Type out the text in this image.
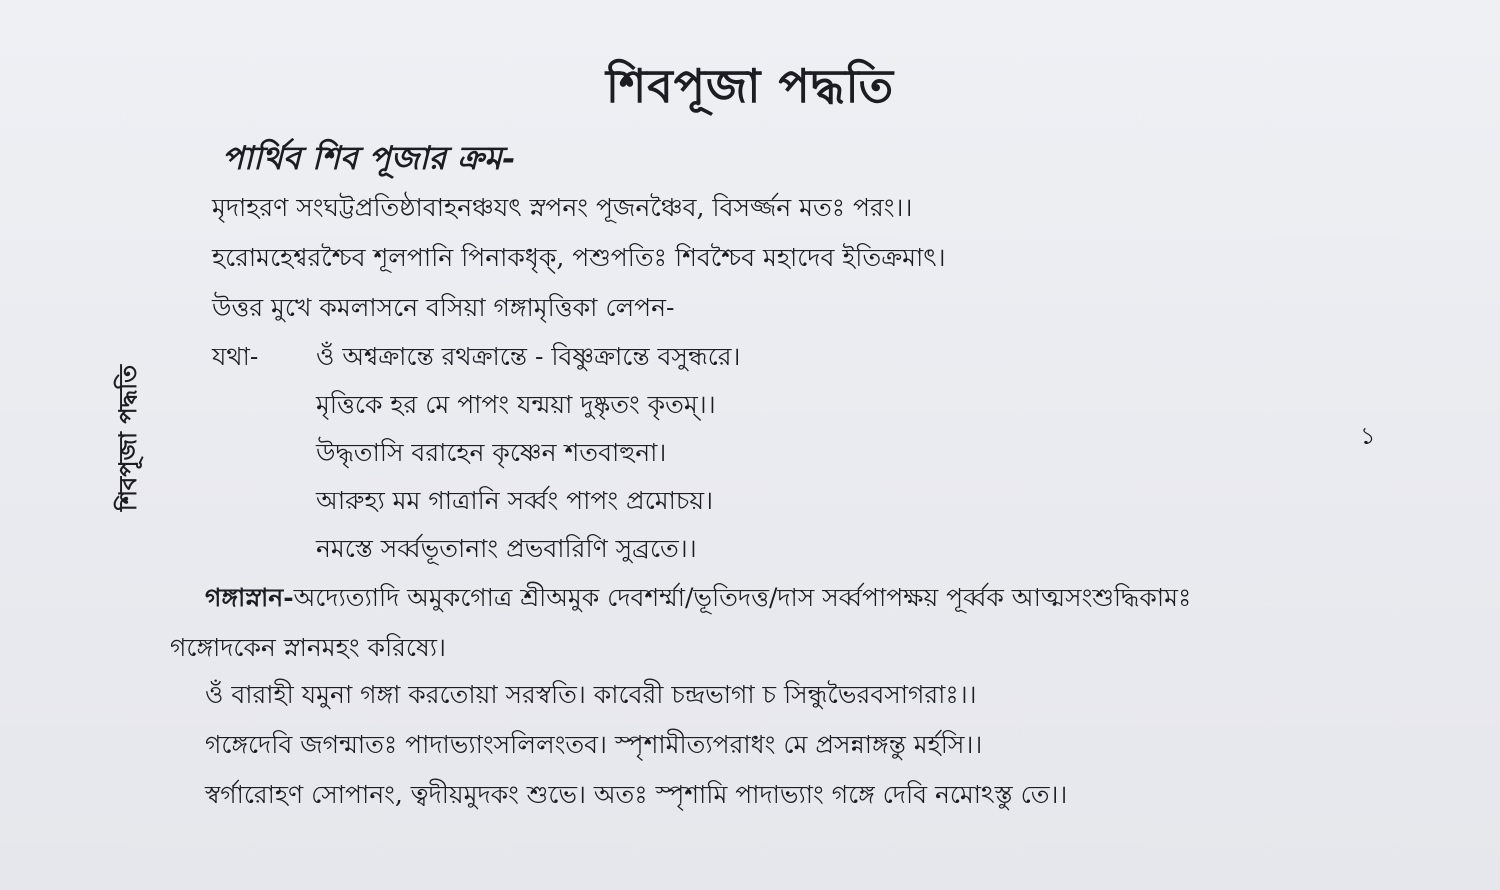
শিবপূজা পদ্ধতি
পার্থিব শিব পূজার ক্রম-
মৃদাহরণ সংঘট্টপ্রতিষ্ঠাবাহনঞ্চযৎ স্নপনং পূজনঞ্চৈব, বিসর্জ্জন মতঃ পরং।।
হরোমহেশ্বরশ্চৈব শূলপানি পিনাকধৃক্‌, পশুপতিঃ শিবশ্চৈব মহাদেব ইতিক্রমাৎ।
উত্তর মুখে কমলাসনে বসিয়া গঙ্গামৃত্তিকা লেপন-
যথা- ওঁ অশ্বক্রান্তে রথক্রান্তে - বিষ্ণুক্রান্তে বসুন্ধরে।
মৃত্তিকে হর মে পাপং যন্ময়া দুষ্কৃতং কৃতম্‌।।
উদ্ধৃতাসি বরাহেন কৃষ্ণেন শতবাহুনা।
আরুহ্য মম গাত্রানি সর্ব্বং পাপং প্রমোচয়।
নমস্তে সর্ব্বভূতানাং প্রভবারিণি সুব্রতে।।
গঙ্গাস্নান-অদ্যেত্যাদি অমুকগোত্র শ্রীঅমুক দেবশর্ম্মা/ভূতিদত্ত/দাস সর্ব্বপাপক্ষয় পূর্ব্বক আত্মসংশুদ্ধিকামঃ
গঙ্গোদকেন স্নানমহং করিষ্যে।
ওঁ বারাহী যমুনা গঙ্গা করতোয়া সরস্বতি। কাবেরী চন্দ্রভাগা চ সিন্ধুভৈরবসাগরাঃ।।
গঙ্গেদেবি জগন্মাতঃ পাদাভ্যাংসলিলংতব। স্পৃশামীত্যপরাধং মে প্রসন্নাঙ্গন্তু মর্হসি।।
স্বর্গারোহণ সোপানং, ত্বদীয়মুদকং শুভে। অতঃ স্পৃশামি পাদাভ্যাং গঙ্গে দেবি নমোঽস্তু তে।।
শিবপূজা পদ্ধতি	১
